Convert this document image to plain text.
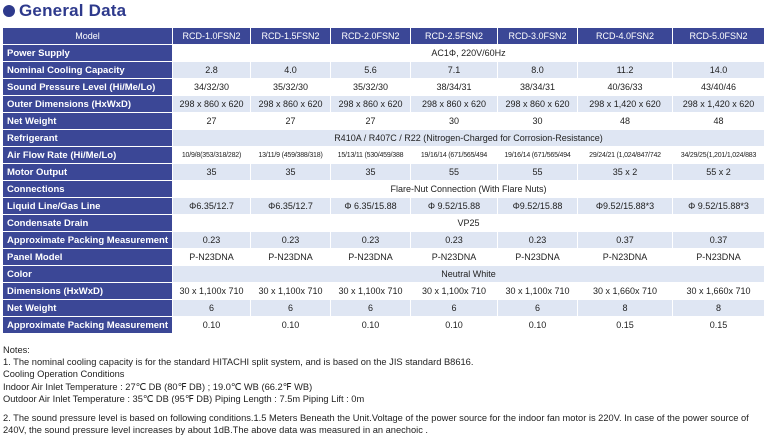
General Data
Model	RCD-1.0FSN2	RCD-1.5FSN2	RCD-2.0FSN2	RCD-2.5FSN2	RCD-3.0FSN2	RCD-4.0FSN2	RCD-5.0FSN2
Power Supply	AC1Φ, 220V/60Hz						
Nominal Cooling Capacity	2.8	4.0	5.6	7.1	8.0	11.2	14.0
Sound Pressure Level (Hi/Me/Lo)	34/32/30	35/32/30	35/32/30	38/34/31	38/34/31	40/36/33	43/40/46
Outer Dimensions (HxWxD)	298 x 860 x 620	298 x 860 x 620	298 x 860 x 620	298 x 860 x 620	298 x 860 x 620	298 x 1,420 x 620	298 x 1,420 x 620
Net Weight	27	27	27	30	30	48	48
Refrigerant	R410A / R407C / R22 (Nitrogen-Charged for Corrosion-Resistance)						
Air Flow Rate (Hi/Me/Lo)	10/9/8(353/318/282)	13/11/9 (459/388/318)	15/13/11 (530/459/388	19/16/14 (671/565/494	19/16/14 (671/565/494	29/24/21 (1,024/847/742	34/29/25(1,201/1,024/883
Motor Output	35	35	35	55	55	35 x 2	55 x 2
Connections	Flare-Nut Connection (With Flare Nuts)						
Liquid Line/Gas Line	Φ6.35/12.7	Φ6.35/12.7	Φ 6.35/15.88	Φ 9.52/15.88	Φ9.52/15.88	Φ9.52/15.88*3	Φ 9.52/15.88*3
Condensate Drain	VP25						
Approximate Packing Measurement	0.23	0.23	0.23	0.23	0.23	0.37	0.37
Panel Model	P-N23DNA	P-N23DNA	P-N23DNA	P-N23DNA	P-N23DNA	P-N23DNA	P-N23DNA
Color	Neutral White						
Dimensions (HxWxD)	30 x 1,100x 710	30 x 1,100x 710	30 x 1,100x 710	30 x 1,100x 710	30 x 1,100x 710	30 x 1,660x 710	30 x 1,660x 710
Net Weight	6	6	6	6	6	8	8
Approximate Packing Measurement	0.10	0.10	0.10	0.10	0.10	0.15	0.15
Notes:
1. The nominal cooling capacity is for the standard HITACHI split system, and is based on the JIS standard B8616.
Cooling Operation Conditions
Indoor Air Inlet Temperature : 27℃ DB (80℉ DB) ; 19.0℃ WB (66.2℉ WB)
Outdoor Air Inlet Temperature : 35℃ DB (95℉ DB) Piping Length : 7.5m Piping Lift : 0m
2. The sound pressure level is based on following conditions.1.5 Meters Beneath the Unit.Voltage of the power source for the indoor fan motor is 220V. In case of the power source of 240V, the sound pressure level increases by about 1dB.The above data was measured in an anechoic .
